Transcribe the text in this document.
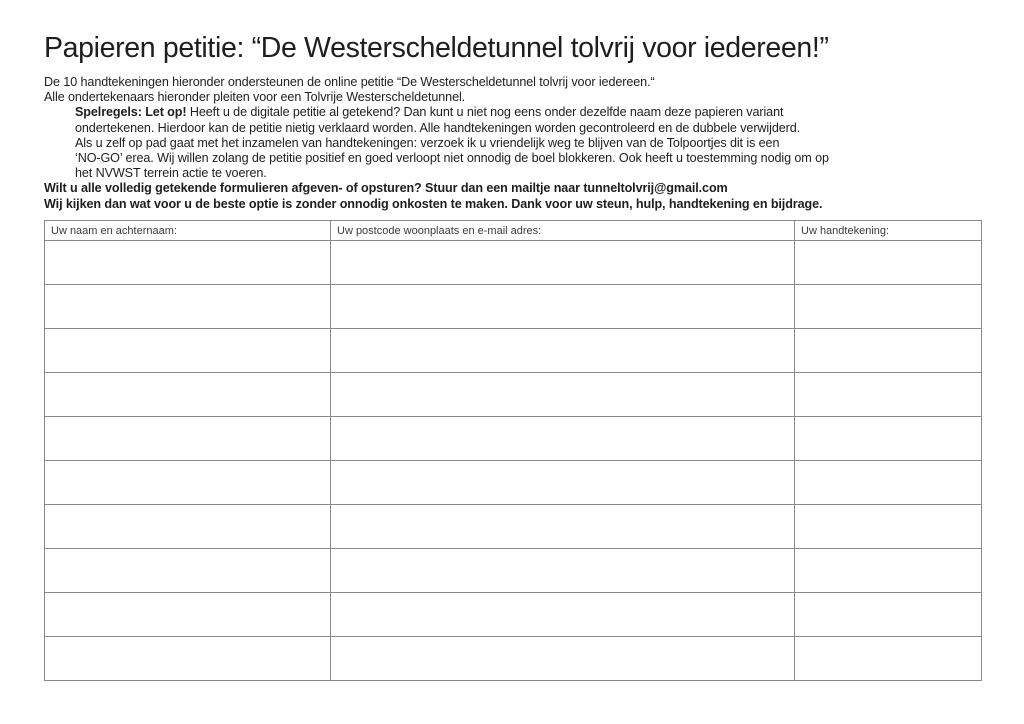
Papieren petitie: “De Westerscheldetunnel tolvrij voor iedereen!”
De 10 handtekeningen hieronder ondersteunen de online petitie “De Westerscheldetunnel tolvrij voor iedereen.“
Alle ondertekenaars hieronder pleiten voor een Tolvrije Westerscheldetunnel.
Spelregels: Let op! Heeft u de digitale petitie al getekend? Dan kunt u niet nog eens onder dezelfde naam deze papieren variant
ondertekenen. Hierdoor kan de petitie nietig verklaard worden. Alle handtekeningen worden gecontroleerd en de dubbele verwijderd.
Als u zelf op pad gaat met het inzamelen van handtekeningen: verzoek ik u vriendelijk weg te blijven van de Tolpoortjes dit is een
‘NO-GO’ erea. Wij willen zolang de petitie positief en goed verloopt niet onnodig de boel blokkeren. Ook heeft u toestemming nodig om op
het NVWST terrein actie te voeren.
Wilt u alle volledig getekende formulieren afgeven- of opsturen? Stuur dan een mailtje naar tunneltolvrij@gmail.com
Wij kijken dan wat voor u de beste optie is zonder onnodig onkosten te maken. Dank voor uw steun, hulp, handtekening en bijdrage.
Uw naam en achternaam:	Uw postcode woonplaats en e-mail adres:	Uw handtekening:
